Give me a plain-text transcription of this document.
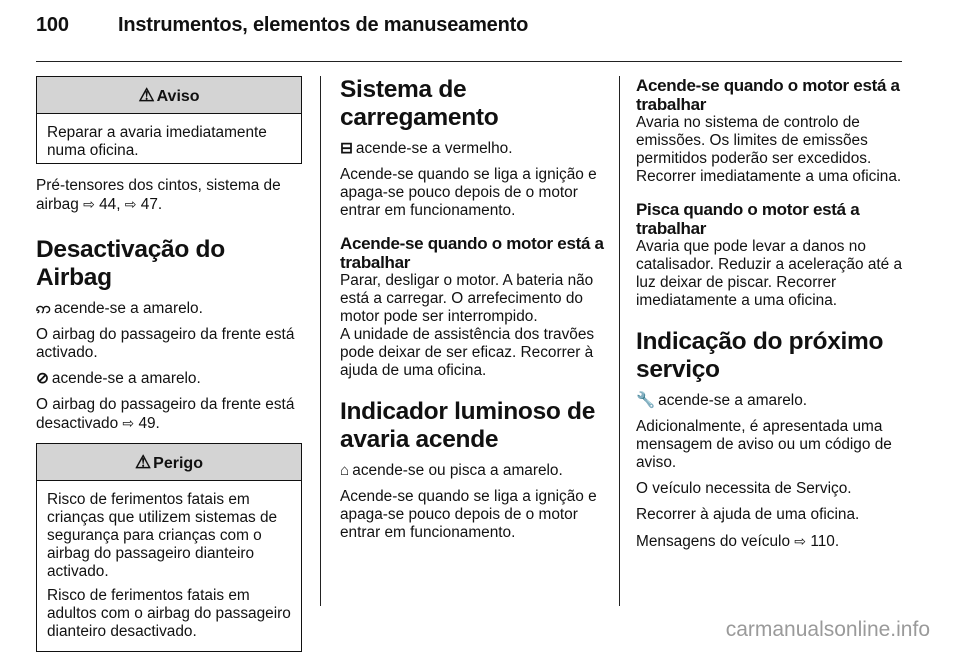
100 Instrumentos, elementos de manuseamento
⚠ Aviso

Reparar a avaria imediatamente numa oficina.

Pré-tensores dos cintos, sistema de airbag ⇨ 44, ⇨ 47.

Desactivação do Airbag

ဢ acende-se a amarelo.

O airbag do passageiro da frente está activado.

⊘ acende-se a amarelo.

O airbag do passageiro da frente está desactivado ⇨ 49.

⚠ Perigo

Risco de ferimentos fatais em crianças que utilizem sistemas de segurança para crianças com o airbag do passageiro dianteiro activado.

Risco de ferimentos fatais em adultos com o airbag do passageiro dianteiro desactivado.

Sistema de carregamento

⊟ acende-se a vermelho.

Acende-se quando se liga a ignição e apaga-se pouco depois de o motor entrar em funcionamento.

Acende-se quando o motor está a trabalhar

Parar, desligar o motor. A bateria não está a carregar. O arrefecimento do motor pode ser interrompido.

A unidade de assistência dos travões pode deixar de ser eficaz. Recorrer à ajuda de uma oficina.

Indicador luminoso de avaria acende

⌂ acende-se ou pisca a amarelo.

Acende-se quando se liga a ignição e apaga-se pouco depois de o motor entrar em funcionamento.

Acende-se quando o motor está a trabalhar

Avaria no sistema de controlo de emissões. Os limites de emissões permitidos poderão ser excedidos. Recorrer imediatamente a uma oficina.

Pisca quando o motor está a trabalhar

Avaria que pode levar a danos no catalisador. Reduzir a aceleração até a luz deixar de piscar. Recorrer imediatamente a uma oficina.

Indicação do próximo serviço

🔧 acende-se a amarelo.

Adicionalmente, é apresentada uma mensagem de aviso ou um código de aviso.

O veículo necessita de Serviço.

Recorrer à ajuda de uma oficina.

Mensagens do veículo ⇨ 110.

carmanualsonline.info
